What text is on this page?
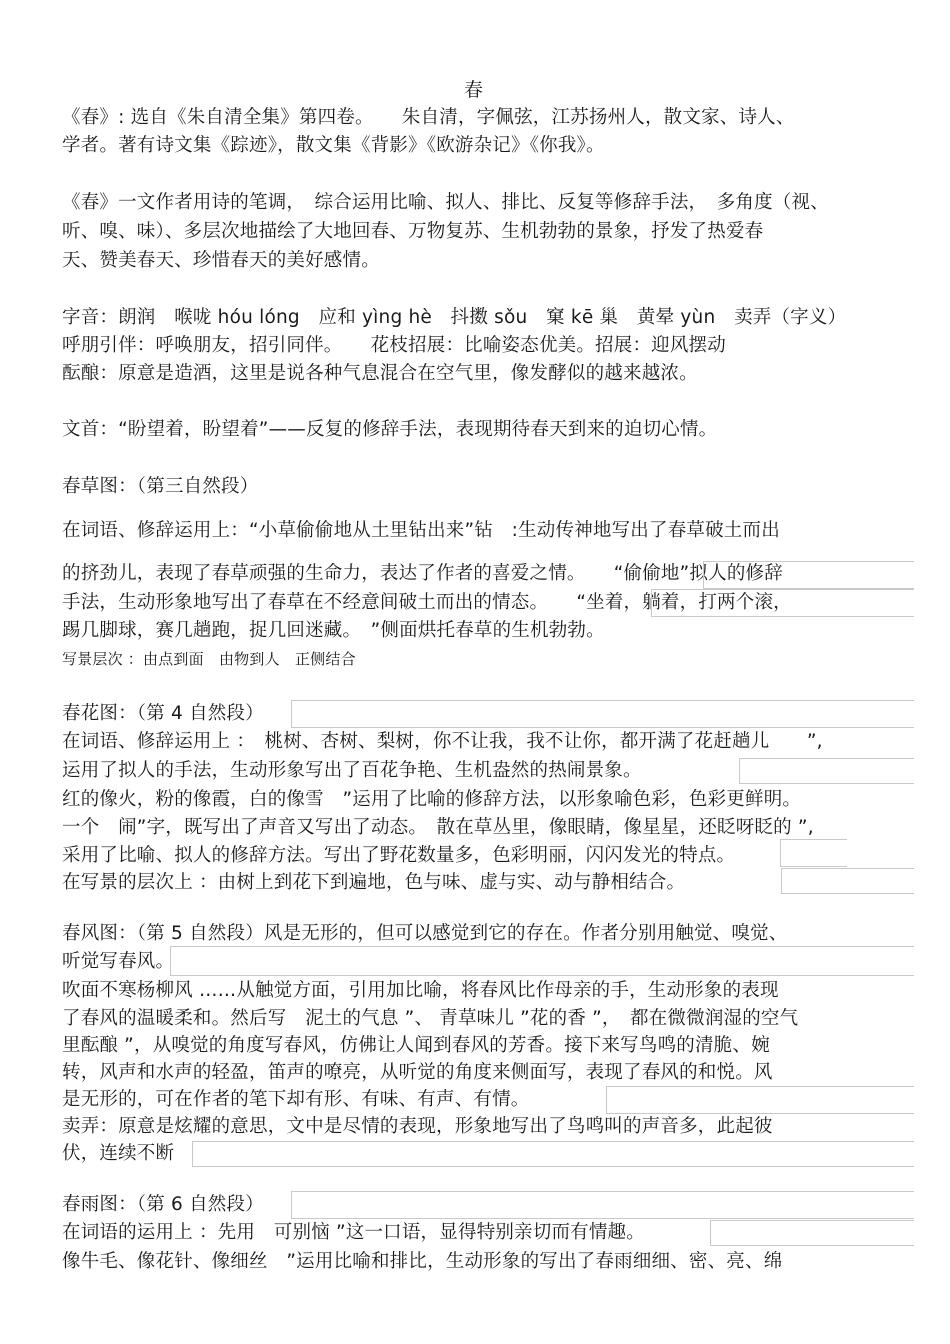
春
《春》: 选自《朱自清全集》第四卷。　　朱自清，字佩弦，江苏扬州人，散文家、诗人、
学者。著有诗文集《踪迹》，散文集《背影》《欧游杂记》《你我》。
《春》一文作者用诗的笔调，　综合运用比喻、拟人、排比、反复等修辞手法，　多角度（视、
听、嗅、味）、多层次地描绘了大地回春、万物复苏、生机勃勃的景象，抒发了热爱春
天、赞美春天、珍惜春天的美好感情。
字音：朗润　喉咙 hóu lóng　应和 yìng hè　抖擞 sǒu　窠 kē 巢　黄晕 yùn　卖弄（字义）
呼朋引伴：呼唤朋友，招引同伴。　　花枝招展：比喻姿态优美。招展：迎风摆动
酝酿：原意是造酒，这里是说各种气息混合在空气里，像发酵似的越来越浓。
文首：“盼望着，盼望着”——反复的修辞手法，表现期待春天到来的迫切心情。
春草图：（第三自然段）
在词语、修辞运用上：“小草偷偷地从土里钻出来”钻　:生动传神地写出了春草破土而出
的挤劲儿，表现了春草顽强的生命力，表达了作者的喜爱之情。　　“偷偷地”拟人的修辞
手法，生动形象地写出了春草在不经意间破土而出的情态。　　“坐着，躺着，打两个滚，
踢几脚球，赛几趟跑，捉几回迷藏。　”侧面烘托春草的生机勃勃。
写景层次 ：由点到面　由物到人　正侧结合
春花图：（第 4 自然段）
在词语、修辞运用上 ：　桃树、杏树、梨树，你不让我，我不让你，都开满了花赶趟儿　　”,
运用了拟人的手法，生动形象写出了百花争艳、生机盎然的热闹景象。
红的像火，粉的像霞，白的像雪　”运用了比喻的修辞方法，以形象喻色彩，色彩更鲜明。
一个　闹”字，既写出了声音又写出了动态。　散在草丛里，像眼睛，像星星，还眨呀眨的 ”,
采用了比喻、拟人的修辞方法。写出了野花数量多，色彩明丽，闪闪发光的特点。
在写景的层次上 ：由树上到花下到遍地，色与味、虚与实、动与静相结合。
春风图：（第 5 自然段）风是无形的，但可以感觉到它的存在。作者分别用触觉、嗅觉、
听觉写春风。
吹面不寒杨柳风 ……从触觉方面，引用加比喻，将春风比作母亲的手，生动形象的表现
了春风的温暖柔和。然后写　泥土的气息 ”、 青草味儿 ”花的香 ”，　都在微微润湿的空气
里酝酿 ”，从嗅觉的角度写春风，仿佛让人闻到春风的芳香。接下来写鸟鸣的清脆、婉
转，风声和水声的轻盈，笛声的嘹亮，从听觉的角度来侧面写，表现了春风的和悦。风
是无形的，可在作者的笔下却有形、有味、有声、有情。
卖弄：原意是炫耀的意思，文中是尽情的表现，形象地写出了鸟鸣叫的声音多，此起彼
伏，连续不断
春雨图：（第 6 自然段）
在词语的运用上 ：先用　可别恼 ”这一口语，显得特别亲切而有情趣。
像牛毛、像花针、像细丝　”运用比喻和排比，生动形象的写出了春雨细细、密、亮、绵
